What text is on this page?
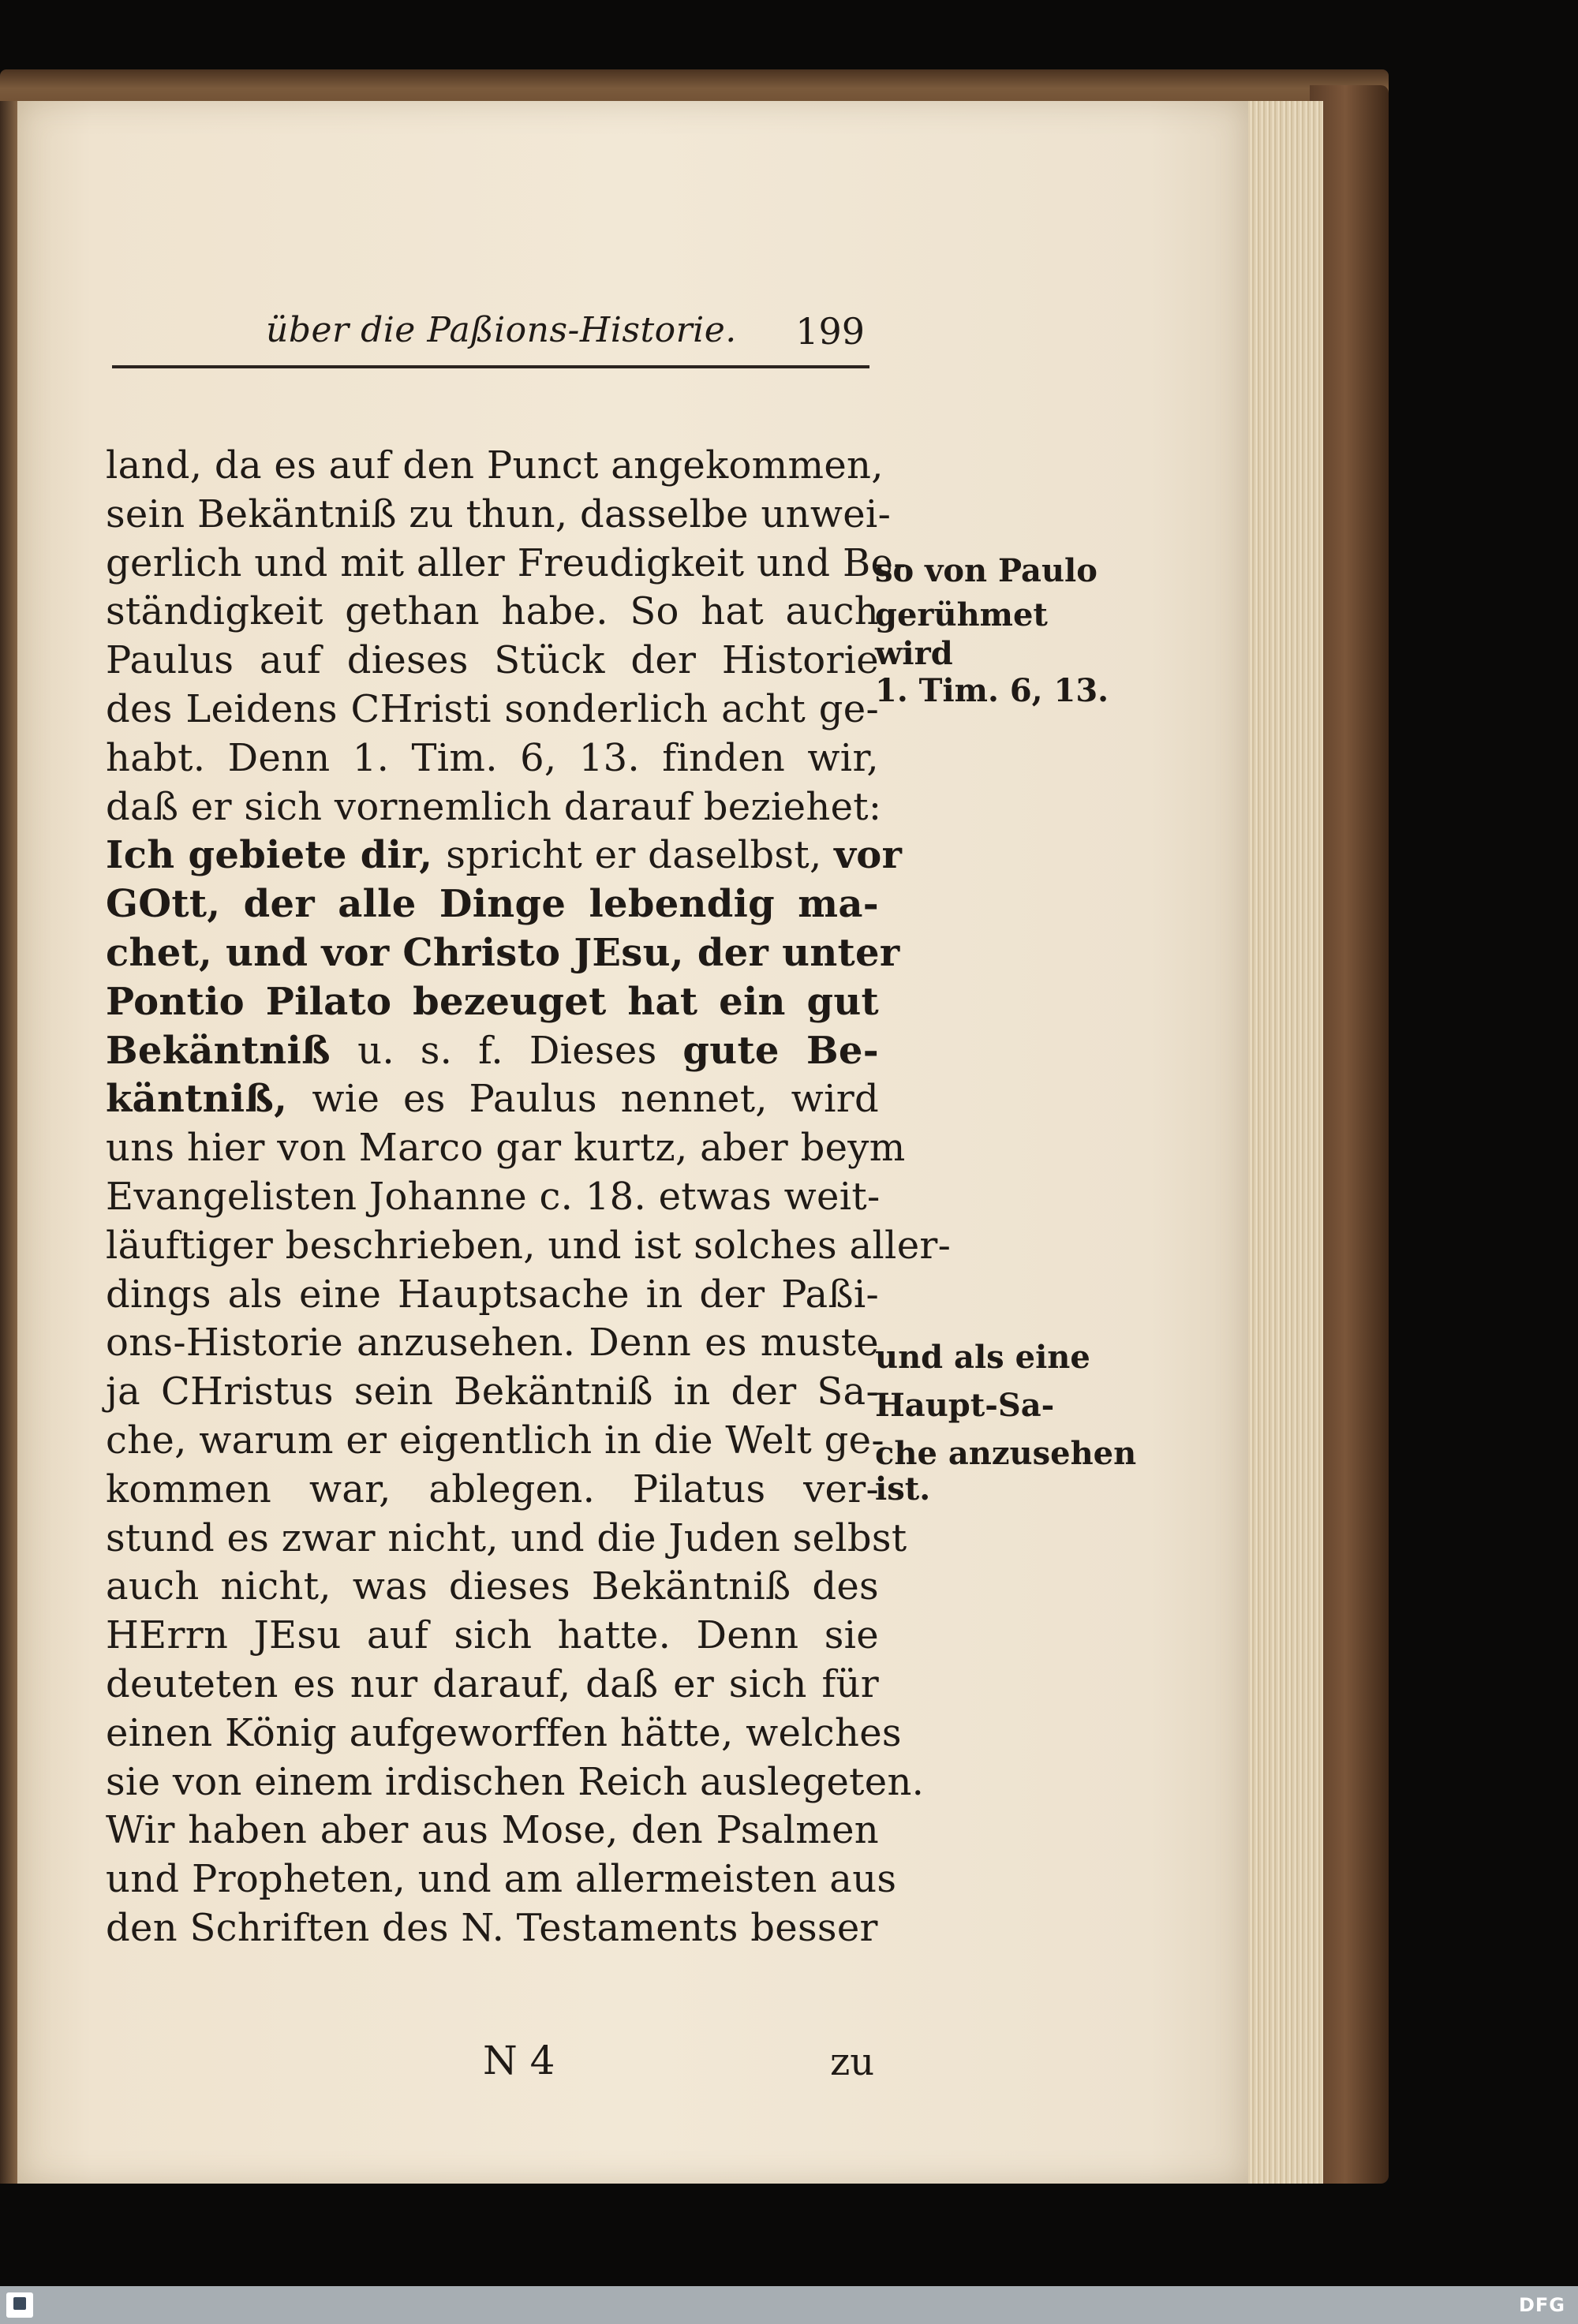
über die Paßions-Historie. 199
land, da es auf den Punct angekommen,
sein Bekäntniß zu thun, dasselbe unwei-
gerlich und mit aller Freudigkeit und Be-
ständigkeit gethan habe. So hat auch
Paulus auf dieses Stück der Historie
des Leidens CHristi sonderlich acht ge-
habt. Denn 1. Tim. 6, 13. finden wir,
daß er sich vornemlich darauf beziehet:
Ich gebiete dir, spricht er daselbst, vor
GOtt, der alle Dinge lebendig ma-
chet, und vor Christo JEsu, der unter
Pontio Pilato bezeuget hat ein gut
Bekäntniß u. s. f. Dieses gute Be-
käntniß, wie es Paulus nennet, wird
uns hier von Marco gar kurtz, aber beym
Evangelisten Johanne c. 18. etwas weit-
läuftiger beschrieben, und ist solches aller-
dings als eine Hauptsache in der Paßi-
ons-Historie anzusehen. Denn es muste
ja CHristus sein Bekäntniß in der Sa-
che, warum er eigentlich in die Welt ge-
kommen war, ablegen. Pilatus ver-
stund es zwar nicht, und die Juden selbst
auch nicht, was dieses Bekäntniß des
HErrn JEsu auf sich hatte. Denn sie
deuteten es nur darauf, daß er sich für
einen König aufgeworffen hätte, welches
sie von einem irdischen Reich auslegeten.
Wir haben aber aus Mose, den Psalmen
und Propheten, und am allermeisten aus
den Schriften des N. Testaments besser
so von Paulo
gerühmet
wird
1. Tim. 6, 13.
und als eine
Haupt-Sa-
che anzusehen
ist.
N 4	zu
DFG
